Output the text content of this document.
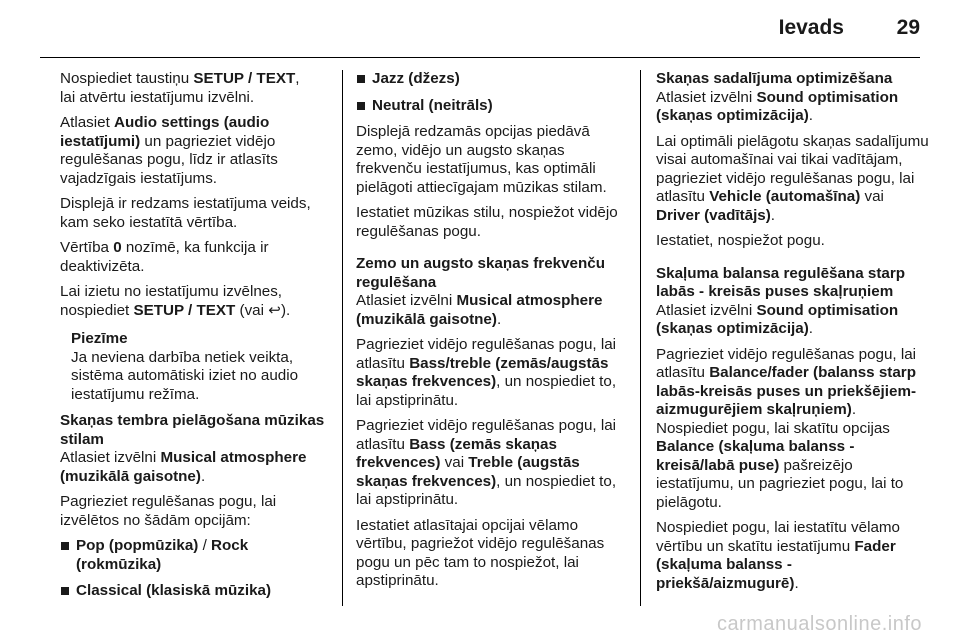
Ievads	29

Nospiediet taustiņu SETUP / TEXT,
lai atvērtu iestatījumu izvēlni.

Atlasiet Audio settings (audio iestatījumi) un pagrieziet vidējo regulēšanas pogu, līdz ir atlasīts vajadzīgais iestatījums.

Displejā ir redzams iestatījuma veids, kam seko iestatītā vērtība.

Vērtība 0 nozīmē, ka funkcija ir deaktivizēta.

Lai izietu no iestatījumu izvēlnes, nospiediet SETUP / TEXT (vai ↩).

Piezīme
Ja neviena darbība netiek veikta, sistēma automātiski iziet no audio iestatījumu režīma.
Skaņas tembra pielāgošana mūzikas stilam

Atlasiet izvēlni Musical atmosphere (muzikālā gaisotne).

Pagrieziet regulēšanas pogu, lai izvēlētos no šādām opcijām:

Pop (popmūzika) / Rock (rokmūzika)
Classical (klasiskā mūzika)
Jazz (džezs)
Neutral (neitrāls)

Displejā redzamās opcijas piedāvā zemo, vidējo un augsto skaņas frekvenču iestatījumus, kas optimāli pielāgoti attiecīgajam mūzikas stilam.

Iestatiet mūzikas stilu, nospiežot vidējo regulēšanas pogu.

Zemo un augsto skaņas frekvenču regulēšana

Atlasiet izvēlni Musical atmosphere (muzikālā gaisotne).

Pagrieziet vidējo regulēšanas pogu, lai atlasītu Bass/treble (zemās/augstās skaņas frekvences), un nospiediet to, lai apstiprinātu.

Pagrieziet vidējo regulēšanas pogu, lai atlasītu Bass (zemās skaņas frekvences) vai Treble (augstās skaņas frekvences), un nospiediet to, lai apstiprinātu.

Iestatiet atlasītajai opcijai vēlamo vērtību, pagriežot vidējo regulēšanas pogu un pēc tam to nospiežot, lai apstiprinātu.

Skaņas sadalījuma optimizēšana

Atlasiet izvēlni Sound optimisation (skaņas optimizācija).

Lai optimāli pielāgotu skaņas sadalījumu visai automašīnai vai tikai vadītājam, pagrieziet vidējo regulēšanas pogu, lai atlasītu Vehicle (automašīna) vai Driver (vadītājs).

Iestatiet, nospiežot pogu.

Skaļuma balansa regulēšana starp labās - kreisās puses skaļruņiem

Atlasiet izvēlni Sound optimisation (skaņas optimizācija).

Pagrieziet vidējo regulēšanas pogu, lai atlasītu Balance/fader (balanss starp labās-kreisās puses un priekšējiem-aizmugurējiem skaļruņiem). Nospiediet pogu, lai skatītu opcijas Balance (skaļuma balanss - kreisā/labā puse) pašreizējo iestatījumu, un pagrieziet pogu, lai to pielāgotu.

Nospiediet pogu, lai iestatītu vēlamo vērtību un skatītu iestatījumu Fader (skaļuma balanss - priekšā/aizmugurē).

carmanualsonline.info
